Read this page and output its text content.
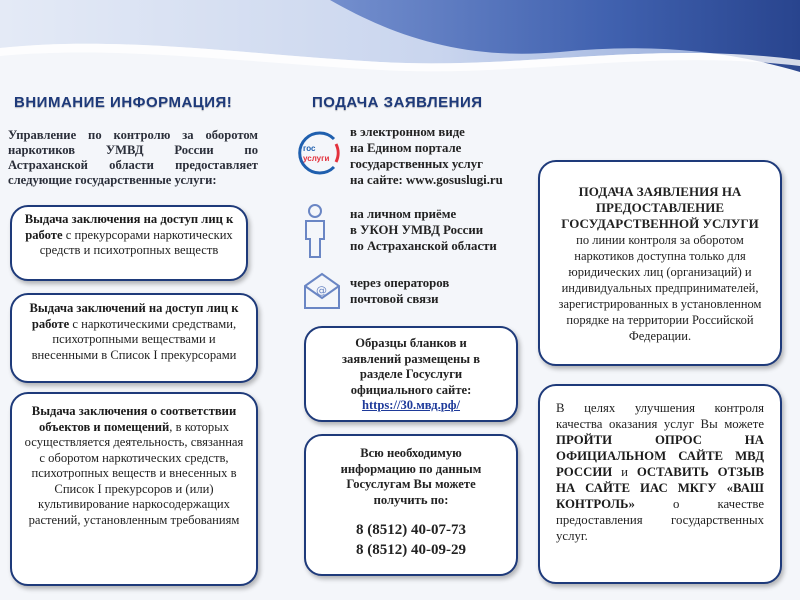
ВНИМАНИЕ ИНФОРМАЦИЯ!
Управление по контролю за оборотом наркотиков УМВД России по Астраханской области предоставляет следующие государственные услуги:
Выдача заключения на доступ лиц к работе с прекурсорами наркотических средств и психотропных веществ
Выдача заключений на доступ лиц к работе с наркотическими средствами, психотропными веществами и внесенными в Список I прекурсорами
Выдача заключения о соответствии объектов и помещений, в которых осуществляется деятельность, связанная с оборотом наркотических средств, психотропных веществ и внесенных в Список I прекурсоров и (или) культивирование наркосодержащих растений, установленным требованиям
ПОДАЧА ЗАЯВЛЕНИЯ
гос
услуги
в электронном виде
на Едином портале
государственных услуг
на сайте: www.gosuslugi.ru
на личном приёме
в УКОН УМВД России
по Астраханской области
@
через операторов
почтовой связи
Образцы бланков и
заявлений размещены в
разделе Госуслуги
официального сайте:
https://30.мвд.рф/
Всю необходимую
информацию по данным
Госуслугам Вы можете
получить по:
8 (8512) 40-07-73
8 (8512) 40-09-29
ПОДАЧА ЗАЯВЛЕНИЯ НА ПРЕДОСТАВЛЕНИЕ ГОСУДАРСТВЕННОЙ УСЛУГИ
по линии контроля за оборотом наркотиков доступна только для юридических лиц (организаций) и индивидуальных предпринимателей, зарегистрированных в установленном порядке на территории Российской Федерации.
В целях улучшения контроля качества оказания услуг Вы можете ПРОЙТИ ОПРОС НА ОФИЦИАЛЬНОМ САЙТЕ МВД РОССИИ и ОСТАВИТЬ ОТЗЫВ НА САЙТЕ ИАС МКГУ «ВАШ КОНТРОЛЬ» о качестве предоставления государственных услуг.
